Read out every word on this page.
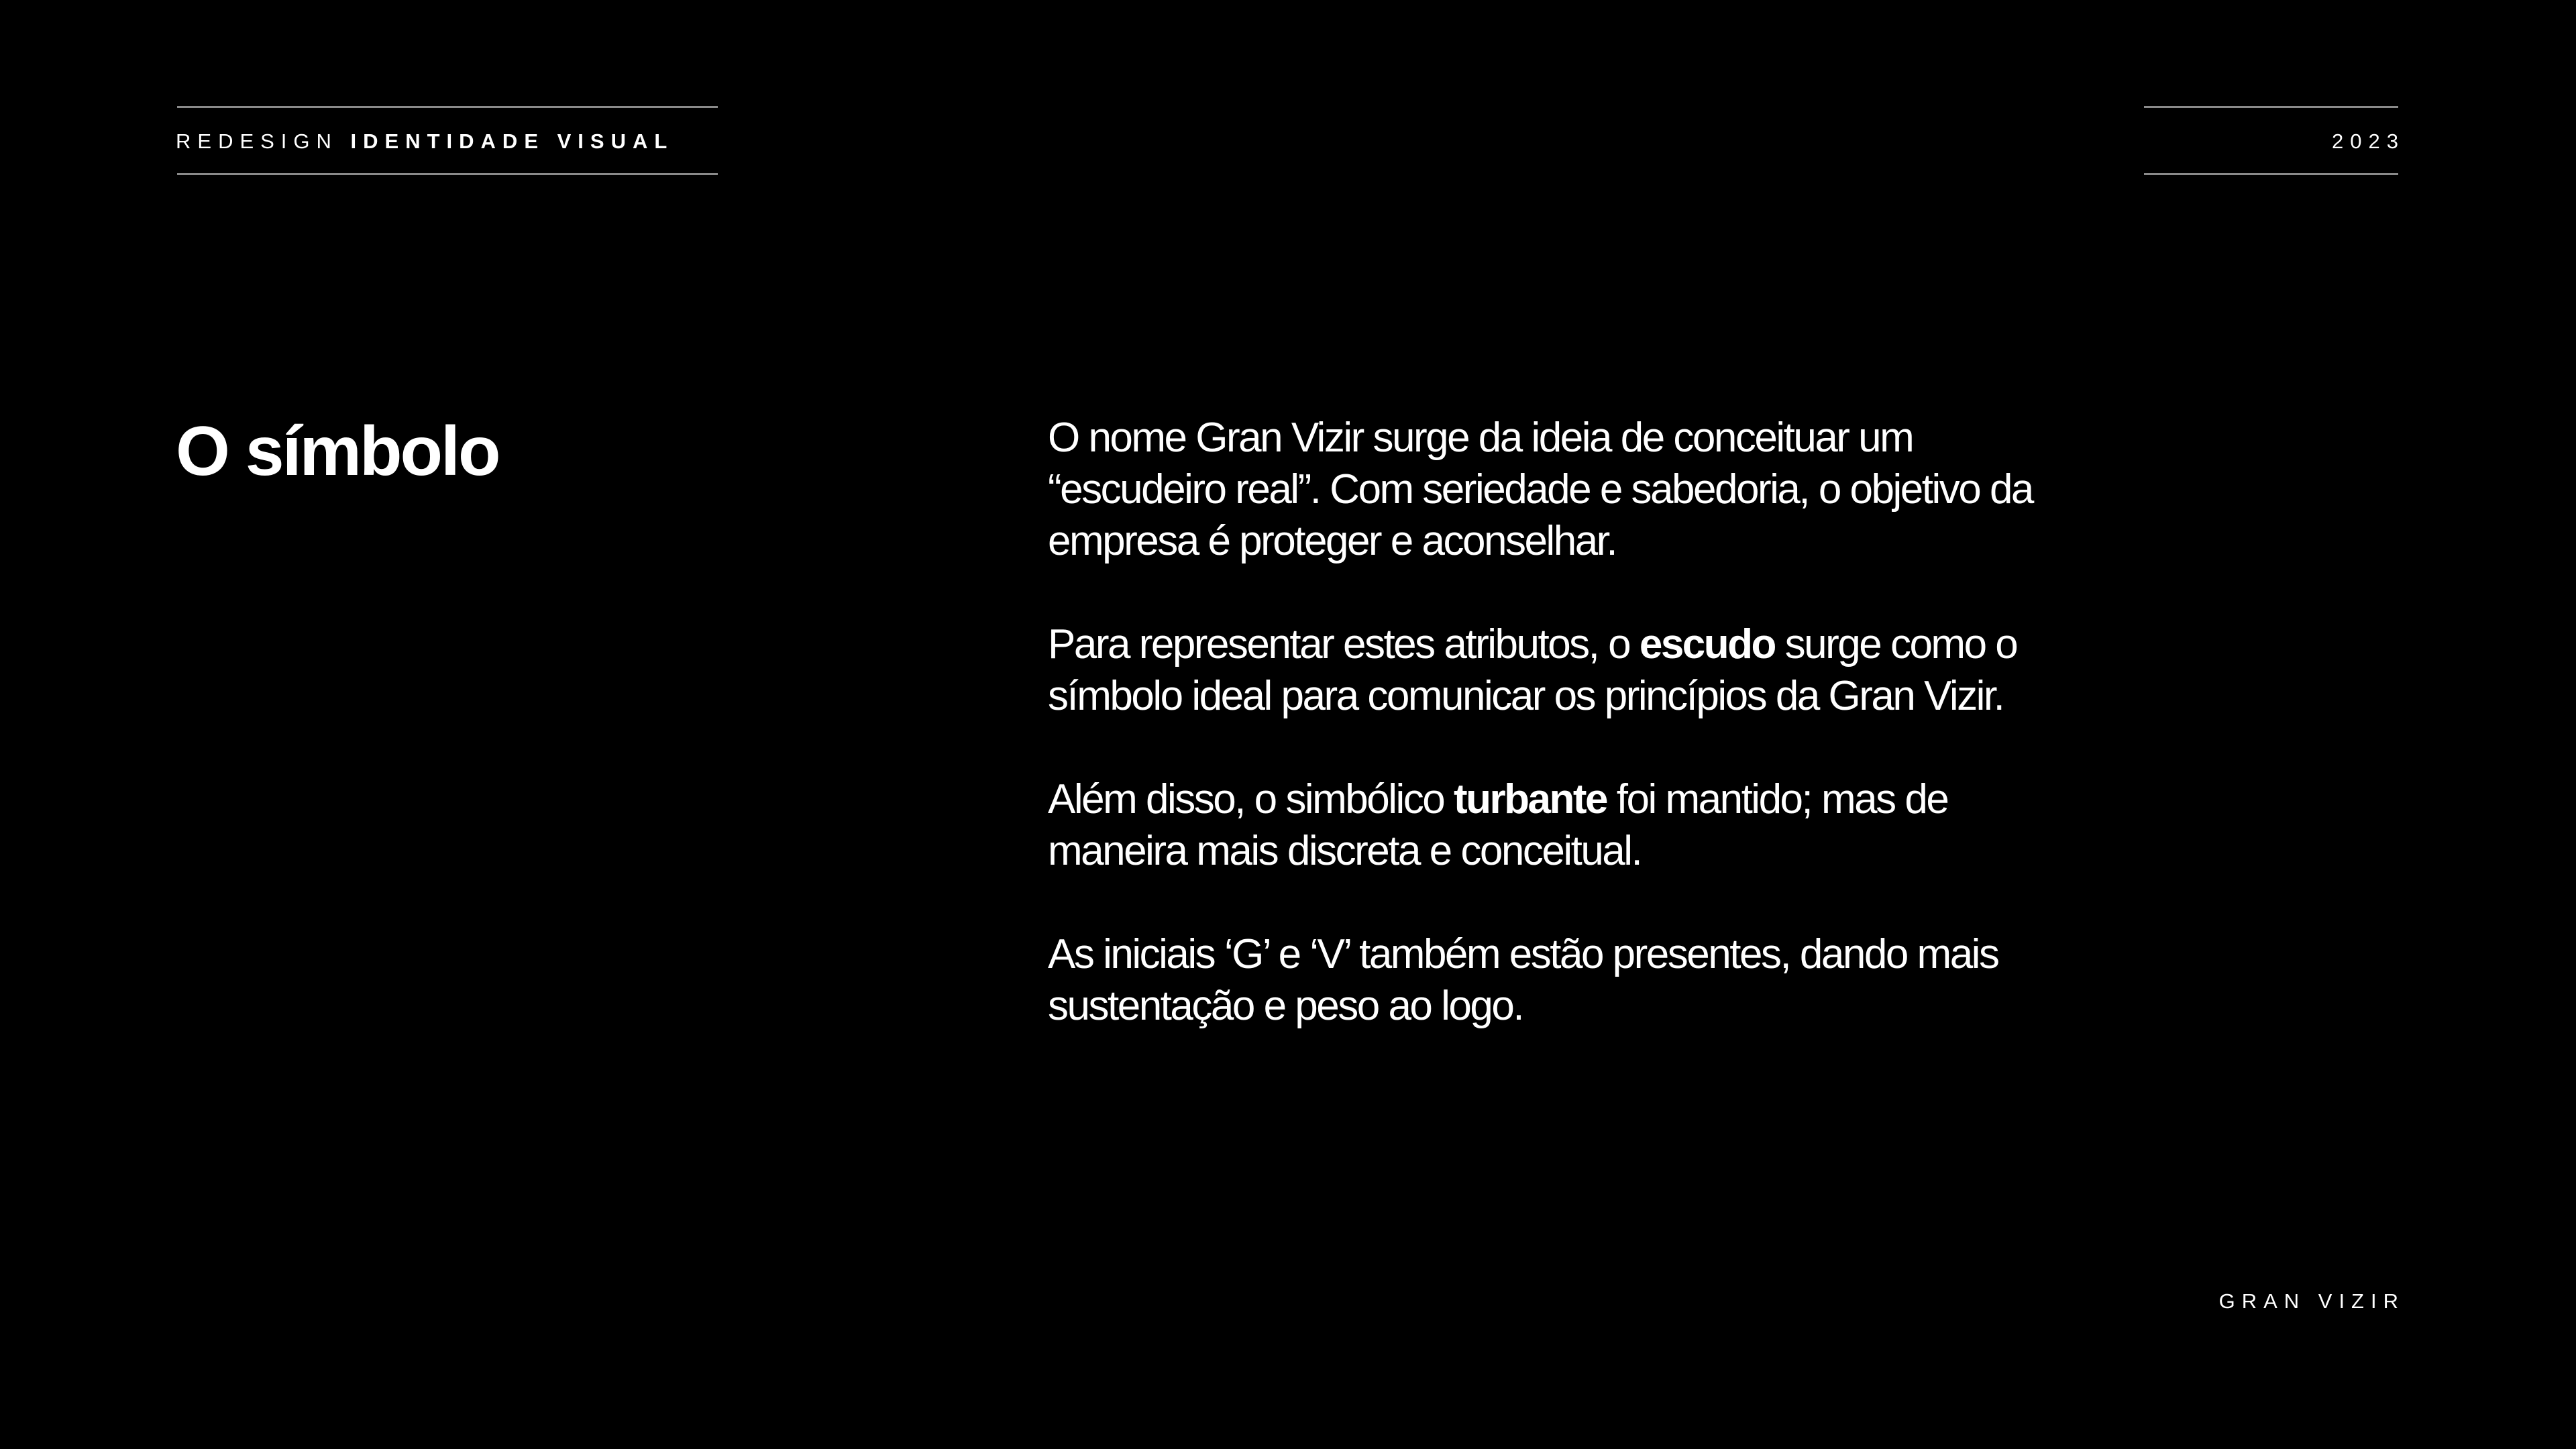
REDESIGN IDENTIDADE VISUAL	2023
O símbolo	O nome Gran Vizir surge da ideia de conceituar um “escudeiro real”. Com seriedade e sabedoria, o objetivo da empresa é proteger e aconselhar.

Para representar estes atributos, o escudo surge como o símbolo ideal para comunicar os princípios da Gran Vizir.

Além disso, o simbólico turbante foi mantido; mas de maneira mais discreta e conceitual.

As iniciais ‘G’ e ‘V’ também estão presentes, dando mais sustentação e peso ao logo.

GRAN VIZIR
